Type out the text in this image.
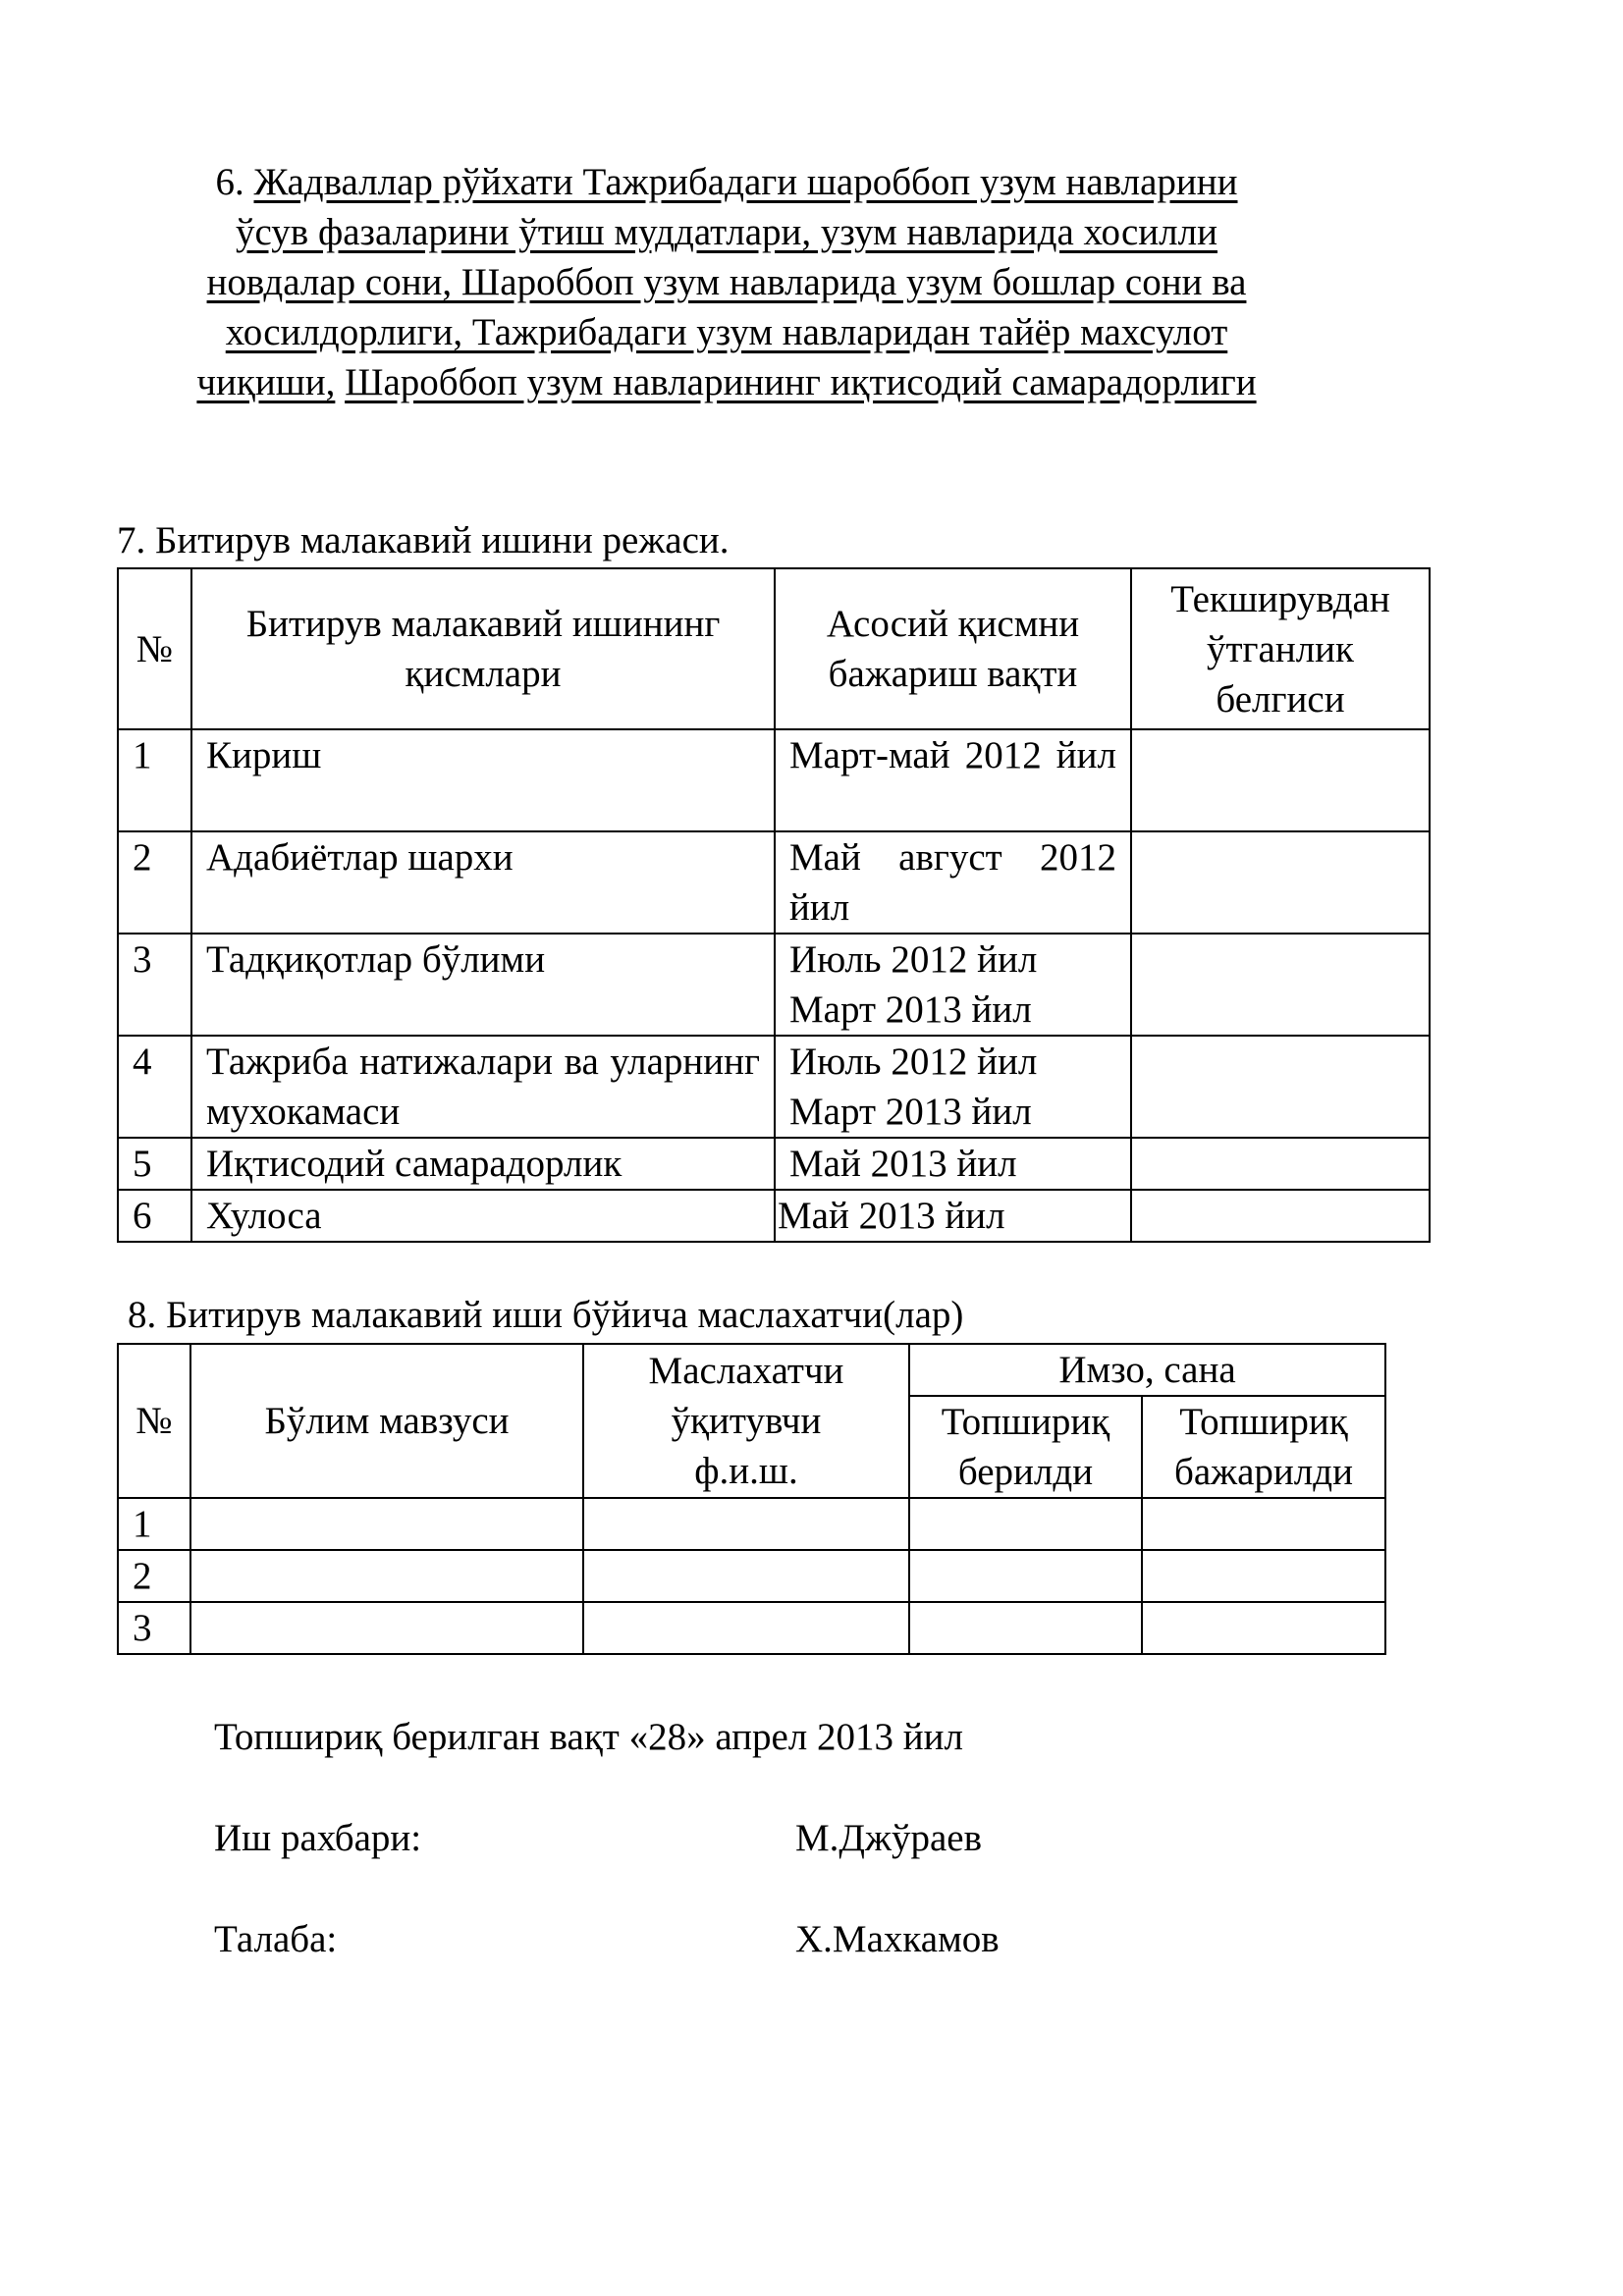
6. Жадваллар рўйхати Тажрибадаги шароббоп узум навларини
ўсув фазаларини ўтиш муддатлари, узум навларида хосилли
новдалар сони, Шароббоп узум навларида узум бошлар сони ва
хосилдорлиги, Тажрибадаги узум навларидан тайёр махсулот
чиқиши, Шароббоп узум навларининг иқтисодий самарадорлиги
7. Битирув малакавий ишини режаси.
№	Битирув малакавий ишининг қисмлари	Асосий қисмни бажариш вақти	Текширувдан ўтганлик белгиси
1	Кириш	Март-май 2012 йил	
2	Адабиётлар шархи	Май август 2012 йил	
3	Тадқиқотлар бўлими	Июль 2012 йил Март 2013 йил	
4	Тажриба натижалари ва уларнинг мухокамаси	Июль 2012 йил Март 2013 йил	
5	Иқтисодий самарадорлик	Май 2013 йил	
6	Хулоса	Май 2013 йил	
8. Битирув малакавий иши бўйича маслахатчи(лар)
№	Бўлим мавзуси	Маслахатчи ўқитувчи ф.и.ш.	Имзо, сана	
			Топшириқ берилди	Топшириқ бажарилди
1				
2				
3				
Топшириқ берилган вақт «28» апрел 2013 йил
Иш рахбари:	М.Джўраев
Талаба:	Х.Махкамов
